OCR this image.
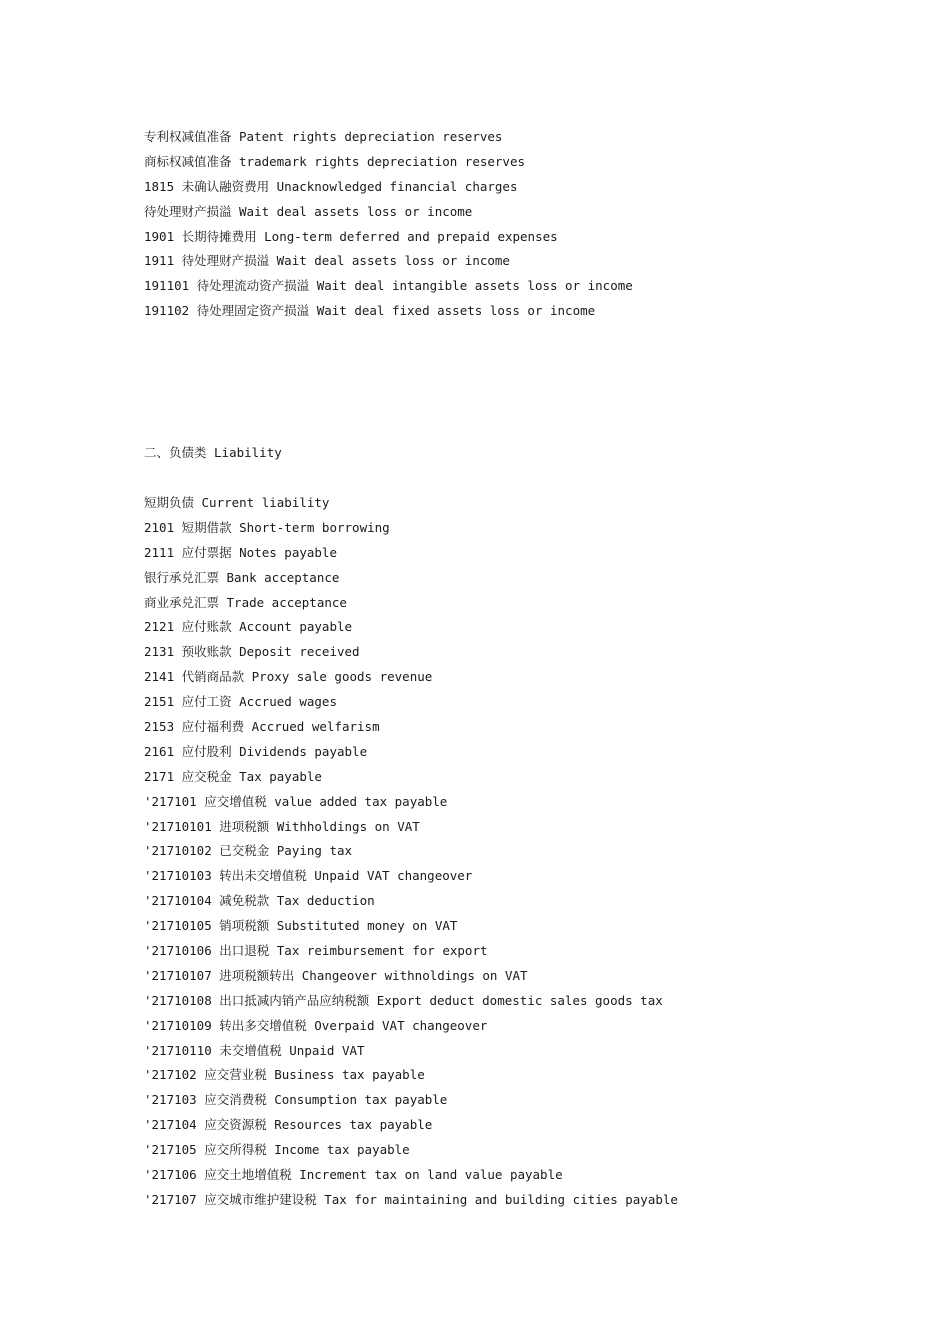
专利权减值准备 Patent rights depreciation reserves
商标权减值准备 trademark rights depreciation reserves
1815 未确认融资费用 Unacknowledged financial charges
待处理财产损溢 Wait deal assets loss or income
1901 长期待摊费用 Long-term deferred and prepaid expenses
1911 待处理财产损溢 Wait deal assets loss or income
191101 待处理流动资产损溢 Wait deal intangible assets loss or income
191102 待处理固定资产损溢 Wait deal fixed assets loss or income
二、负债类 Liability
短期负债 Current liability
2101 短期借款 Short-term borrowing
2111 应付票据 Notes payable
银行承兑汇票 Bank acceptance
商业承兑汇票 Trade acceptance
2121 应付账款 Account payable
2131 预收账款 Deposit received
2141 代销商品款 Proxy sale goods revenue
2151 应付工资 Accrued wages
2153 应付福利费 Accrued welfarism
2161 应付股利 Dividends payable
2171 应交税金 Tax payable
'217101 应交增值税 value added tax payable
'21710101 进项税额 Withholdings on VAT
'21710102 已交税金 Paying tax
'21710103 转出未交增值税 Unpaid VAT changeover
'21710104 减免税款 Tax deduction
'21710105 销项税额 Substituted money on VAT
'21710106 出口退税 Tax reimbursement for export
'21710107 进项税额转出 Changeover withnoldings on VAT
'21710108 出口抵减内销产品应纳税额 Export deduct domestic sales goods tax
'21710109 转出多交增值税 Overpaid VAT changeover
'21710110 未交增值税 Unpaid VAT
'217102 应交营业税 Business tax payable
'217103 应交消费税 Consumption tax payable
'217104 应交资源税 Resources tax payable
'217105 应交所得税 Income tax payable
'217106 应交土地增值税 Increment tax on land value payable
'217107 应交城市维护建设税 Tax for maintaining and building cities payable
